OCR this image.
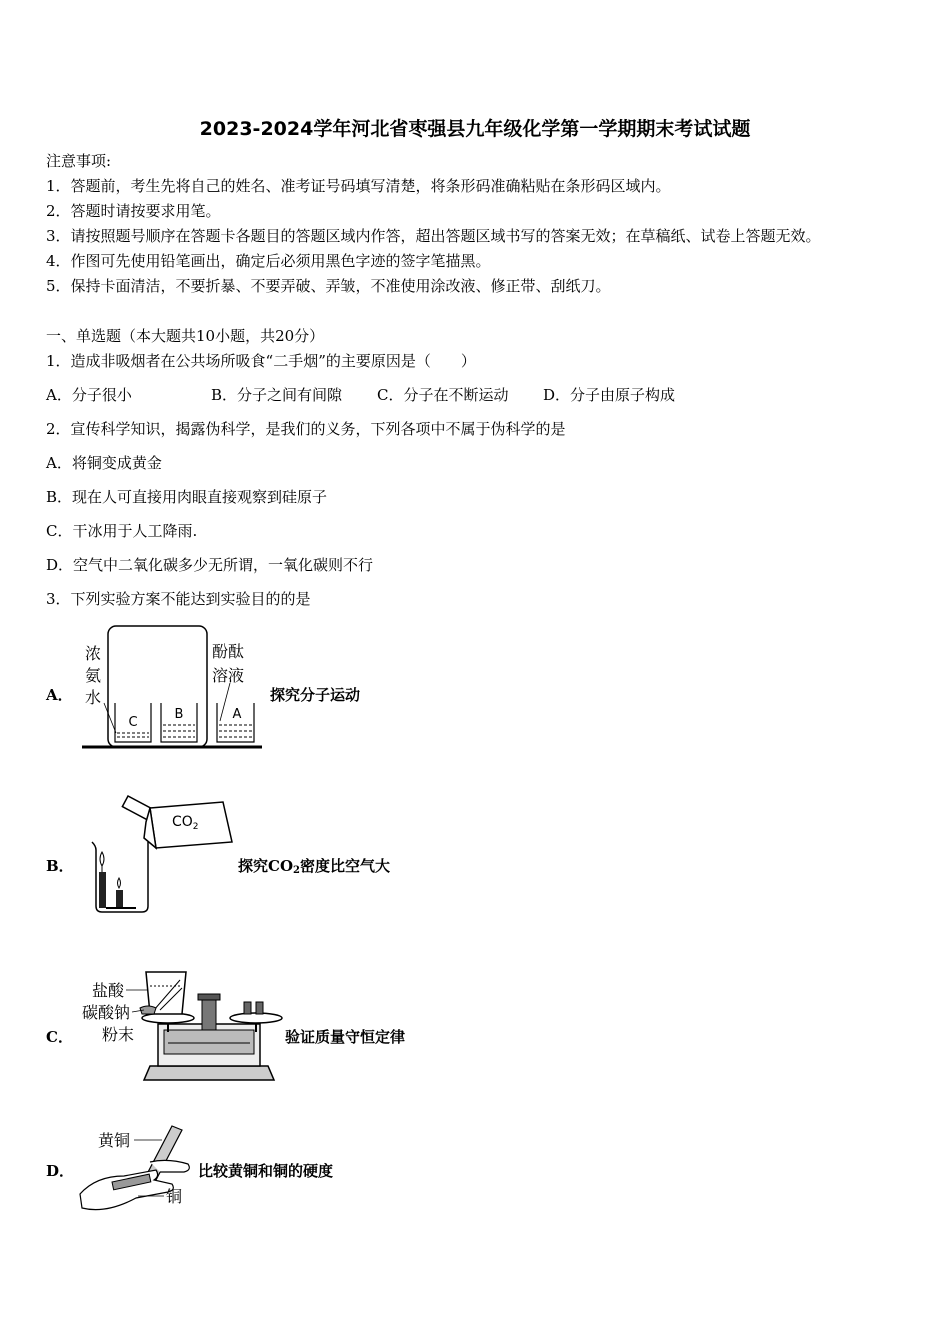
2023-2024学年河北省枣强县九年级化学第一学期期末考试试题
注意事项:
1．答题前，考生先将自己的姓名、准考证号码填写清楚，将条形码准确粘贴在条形码区域内。
2．答题时请按要求用笔。
3．请按照题号顺序在答题卡各题目的答题区域内作答，超出答题区域书写的答案无效；在草稿纸、试卷上答题无效。
4．作图可先使用铅笔画出，确定后必须用黑色字迹的签字笔描黑。
5．保持卡面清洁，不要折暴、不要弄破、弄皱，不准使用涂改液、修正带、刮纸刀。
一、单选题（本大题共10小题，共20分）
1．造成非吸烟者在公共场所吸食“二手烟”的主要原因是（　　）
A．分子很小	B．分子之间有间隙 C．分子在不断运动 D．分子由原子构成
2．宣传科学知识，揭露伪科学，是我们的义务，下列各项中不属于伪科学的是
A．将铜变成黄金
B．现在人可直接用肉眼直接观察到硅原子
C．干冰用于人工降雨.
D．空气中二氧化碳多少无所谓，一氧化碳则不行
3．下列实验方案不能达到实验目的的是
A．
C
B	A
浓
氨
水
酚酞
溶液
探究分子运动
B．
$CO_2$
探究CO2密度比空气大
C．
盐酸
碳酸钠
粉末	验证质量守恒定律
D．
黄铜
铜
比较黄铜和铜的硬度
